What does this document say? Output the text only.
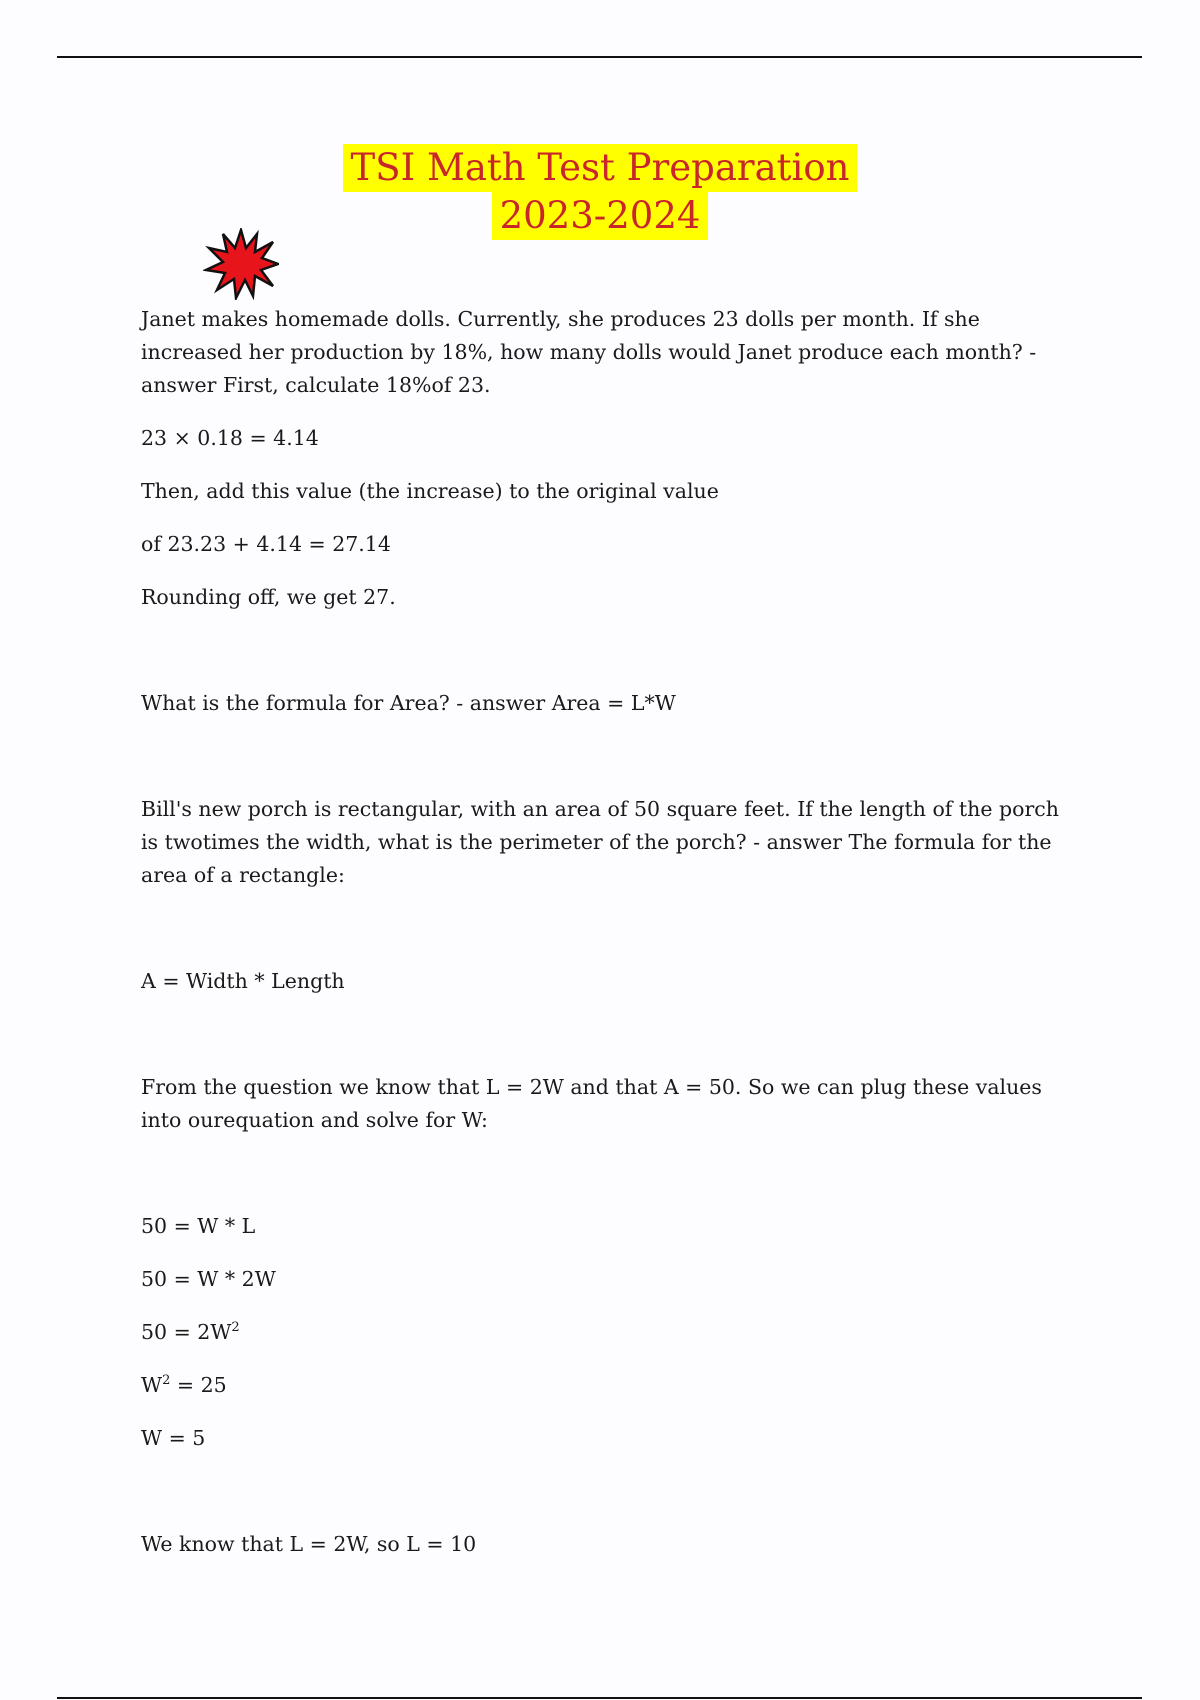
TSI Math Test Preparation
2023-2024

Janet makes homemade dolls. Currently, she produces 23 dolls per month. If she increased her production by 18%, how many dolls would Janet produce each month? - answer First, calculate 18%of 23.

23 × 0.18 = 4.14

Then, add this value (the increase) to the original value

of 23.23 + 4.14 = 27.14

Rounding off, we get 27.

What is the formula for Area? - answer Area = L*W

Bill's new porch is rectangular, with an area of 50 square feet. If the length of the porch is twotimes the width, what is the perimeter of the porch? - answer The formula for the area of a rectangle:

A = Width * Length

From the question we know that L = 2W and that A = 50. So we can plug these values into ourequation and solve for W:

50 = W * L

50 = W * 2W

$50 = 2W^2$

$W^2 = 25$

W = 5

We know that L = 2W, so L = 10
